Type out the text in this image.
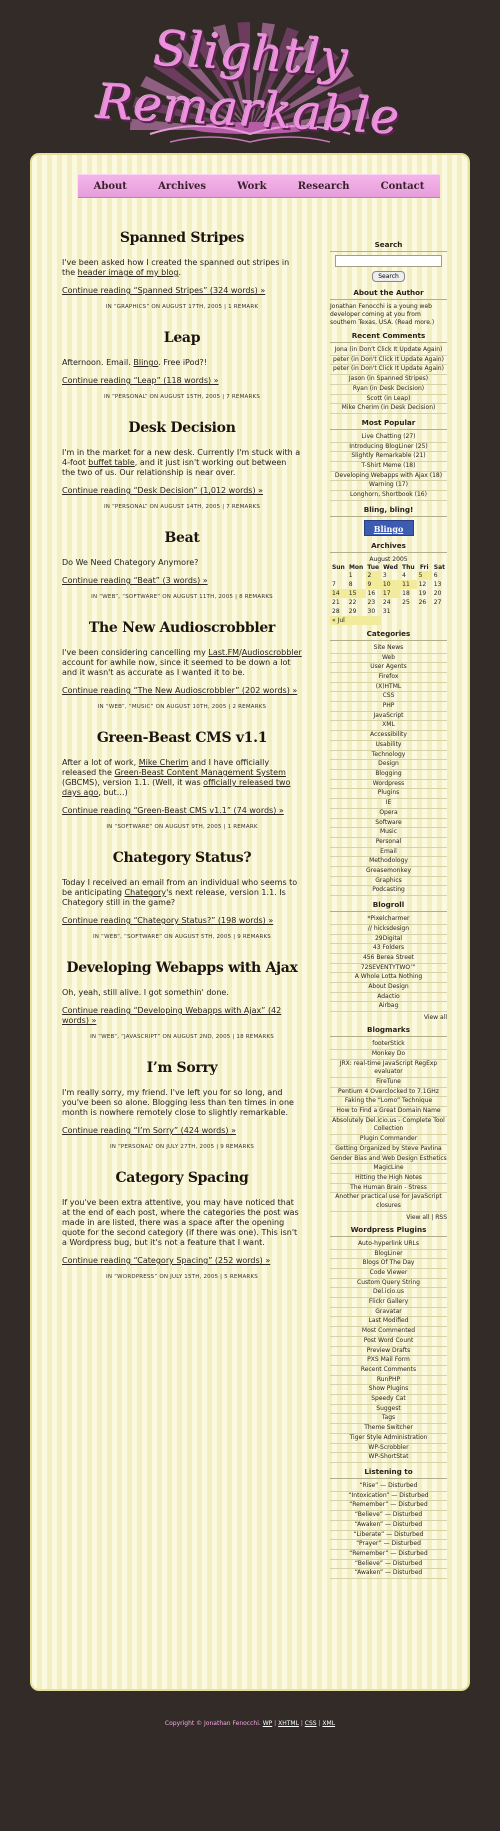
Slightly Remarkable
About	Archives	Work	Research	Contact
Spanned Stripes

I've been asked how I created the spanned out stripes in the header image of my blog.

Continue reading “Spanned Stripes” (324 words) »

IN “GRAPHICS” ON AUGUST 17TH, 2005 | 1 REMARK
Leap

Afternoon. Email. Blingo. Free iPod?!

Continue reading “Leap” (118 words) »

IN “PERSONAL” ON AUGUST 15TH, 2005 | 7 REMARKS
Desk Decision

I'm in the market for a new desk. Currently I'm stuck with a 4-foot buffet table, and it just isn't working out between the two of us. Our relationship is near over.

Continue reading “Desk Decision” (1,012 words) »

IN “PERSONAL” ON AUGUST 14TH, 2005 | 7 REMARKS
Beat

Do We Need Chategory Anymore?

Continue reading “Beat” (3 words) »

IN “WEB”, “SOFTWARE” ON AUGUST 11TH, 2005 | 8 REMARKS
The New Audioscrobbler

I've been considering cancelling my Last.FM/Audioscrobbler account for awhile now, since it seemed to be down a lot and it wasn't as accurate as I wanted it to be.

Continue reading “The New Audioscrobbler” (202 words) »

IN “WEB”, “MUSIC” ON AUGUST 10TH, 2005 | 2 REMARKS
Green-Beast CMS v1.1

After a lot of work, Mike Cherim and I have officially released the Green-Beast Content Management System (GBCMS), version 1.1. (Well, it was officially released two days ago, but…)

Continue reading “Green-Beast CMS v1.1” (74 words) »

IN “SOFTWARE” ON AUGUST 9TH, 2005 | 1 REMARK
Chategory Status?

Today I received an email from an individual who seems to be anticipating Chategory's next release, version 1.1. Is Chategory still in the game?

Continue reading “Chategory Status?” (198 words) »

IN “WEB”, “SOFTWARE” ON AUGUST 5TH, 2005 | 9 REMARKS
Developing Webapps with Ajax

Oh, yeah, still alive. I got somethin' done.

Continue reading “Developing Webapps with Ajax” (42 words) »

IN “WEB”, “JAVASCRIPT” ON AUGUST 2ND, 2005 | 18 REMARKS
I’m Sorry

I'm really sorry, my friend. I've left you for so long, and you've been so alone. Blogging less than ten times in one month is nowhere remotely close to slightly remarkable.

Continue reading “I’m Sorry” (424 words) »

IN “PERSONAL” ON JULY 27TH, 2005 | 9 REMARKS
Category Spacing

If you've been extra attentive, you may have noticed that at the end of each post, where the categories the post was made in are listed, there was a space after the opening quote for the second category (if there was one). This isn't a Wordpress bug, but it's not a feature that I want.

Continue reading “Category Spacing” (252 words) »

IN “WORDPRESS” ON JULY 15TH, 2005 | 5 REMARKS
Search
Search
About the Author

Jonathan Fenocchi is a young web developer coming at you from southern Texas, USA. (Read more.)

Recent Comments
Jona (in Don't Click It Update Again)
peter (in Don't Click It Update Again)
peter (in Don't Click It Update Again)
Jason (in Spanned Stripes)
Ryan (in Desk Decision)
Scott (in Leap)
Mike Cherim (in Desk Decision)
Most Popular
Live Chatting (27)
Introducing BlogLiner (25)
Slightly Remarkable (21)
T-Shirt Meme (18)
Developing Webapps with Ajax (18)
Warning (17)
Longhorn, Shortbook (16)
Bling, bling!
Blingo
Archives
August 2005
Sun	Mon	Tue	Wed	Thu	Fri	Sat
	1	2	3	4	5	6
7	8	9	10	11	12	13
14	15	16	17	18	19	20
21	22	23	24	25	26	27
28	29	30	31			
« Jul						
Categories
Site News
Web
User Agents
Firefox
(X)HTML
CSS
PHP
JavaScript
XML
Accessibility
Usability
Technology
Design
Blogging
Wordpress
Plugins
IE
Opera
Software
Music
Personal
Email
Methodology
Greasemonkey
Graphics
Podcasting
Blogroll
*Pixelcharmer
// hicksdesign
29Digital
43 Folders
456 Berea Street
72SEVENTYTWO™
A Whole Lotta Nothing
About Design
Adactio
Airbag

View all

Blogmarks
footerStick
Monkey Do
JRX: real-time JavaScript RegExp evaluator
FireTune
Pentium 4 Overclocked to 7.1GHz
Faking the “Lomo” Technique
How to Find a Great Domain Name
Absolutely Del.icio.us - Complete Tool Collection
Plugin Commander
Getting Organized by Steve Pavlina
Gender Bias and Web Design Esthetics
MagicLine
Hitting the High Notes
The Human Brain - Stress
Another practical use for JavaScript closures

View all | RSS

Wordpress Plugins
Auto-hyperlink URLs
BlogLiner
Blogs Of The Day
Code Viewer
Custom Query String
Del.icio.us
Flickr Gallery
Gravatar
Last Modified
Most Commented
Post Word Count
Preview Drafts
PXS Mail Form
Recent Comments
RunPHP
Show Plugins
Speedy Cat
Suggest
Tags
Theme Switcher
Tiger Style Administration
WP-Scrobbler
WP-ShortStat
Listening to
“Rise” — Disturbed
“Intoxication” — Disturbed
“Remember” — Disturbed
“Believe” — Disturbed
“Awaken” — Disturbed
“Liberate” — Disturbed
“Prayer” — Disturbed
“Remember” — Disturbed
“Believe” — Disturbed
“Awaken” — Disturbed
Copyright © Jonathan Fenocchi. WP | XHTML | CSS | XML
